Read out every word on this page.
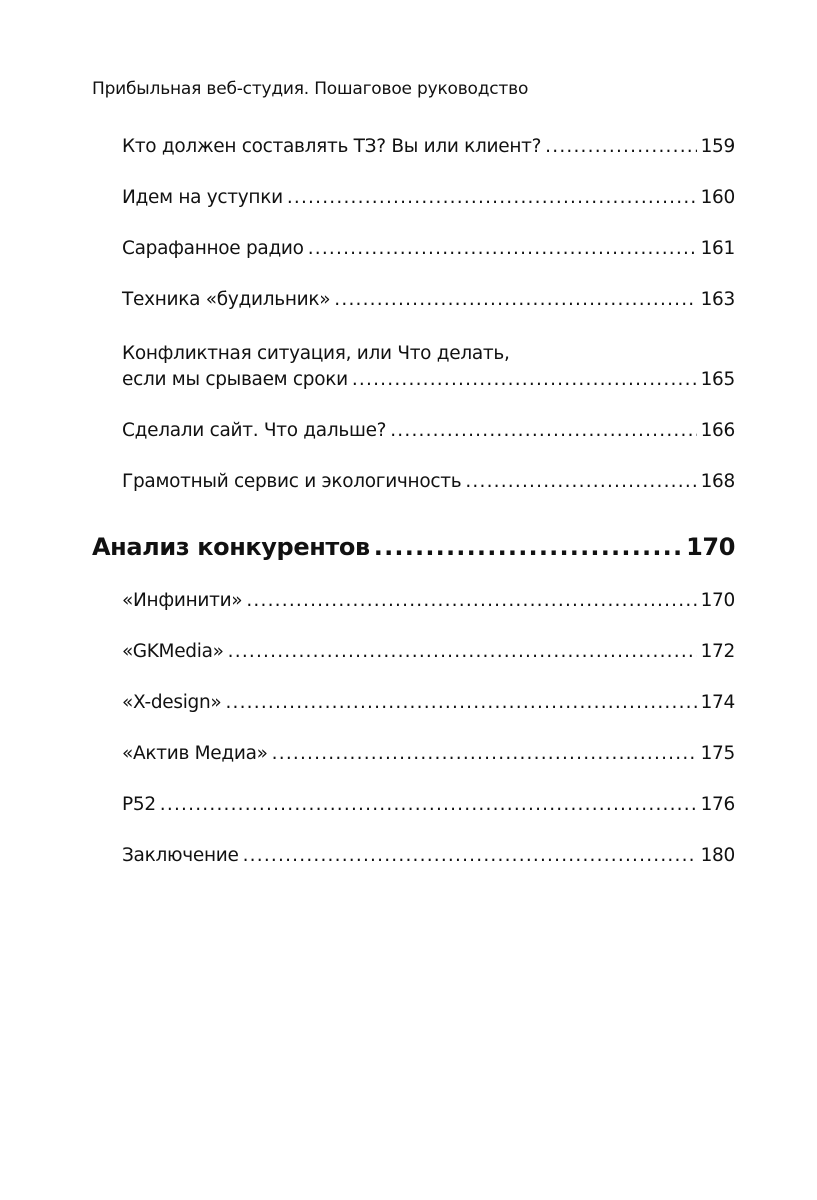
Прибыльная веб-студия. Пошаговое руководство
Кто должен составлять ТЗ? Вы или клиент? .....	159
Идем на уступки .....	160
Сарафанное радио .....	161
Техника «будильник» .....	163
Конфликтная ситуация, или Что делать,
если мы срываем сроки .....	165
Сделали сайт. Что дальше? .....	166
Грамотный сервис и экологичность .....	168
Анализ конкурентов .....	170
«Инфинити» .....	170
«GKMedia» .....	172
«X-design» .....	174
«Актив Медиа» .....	175
Р52 .....	176
Заключение .....	180
